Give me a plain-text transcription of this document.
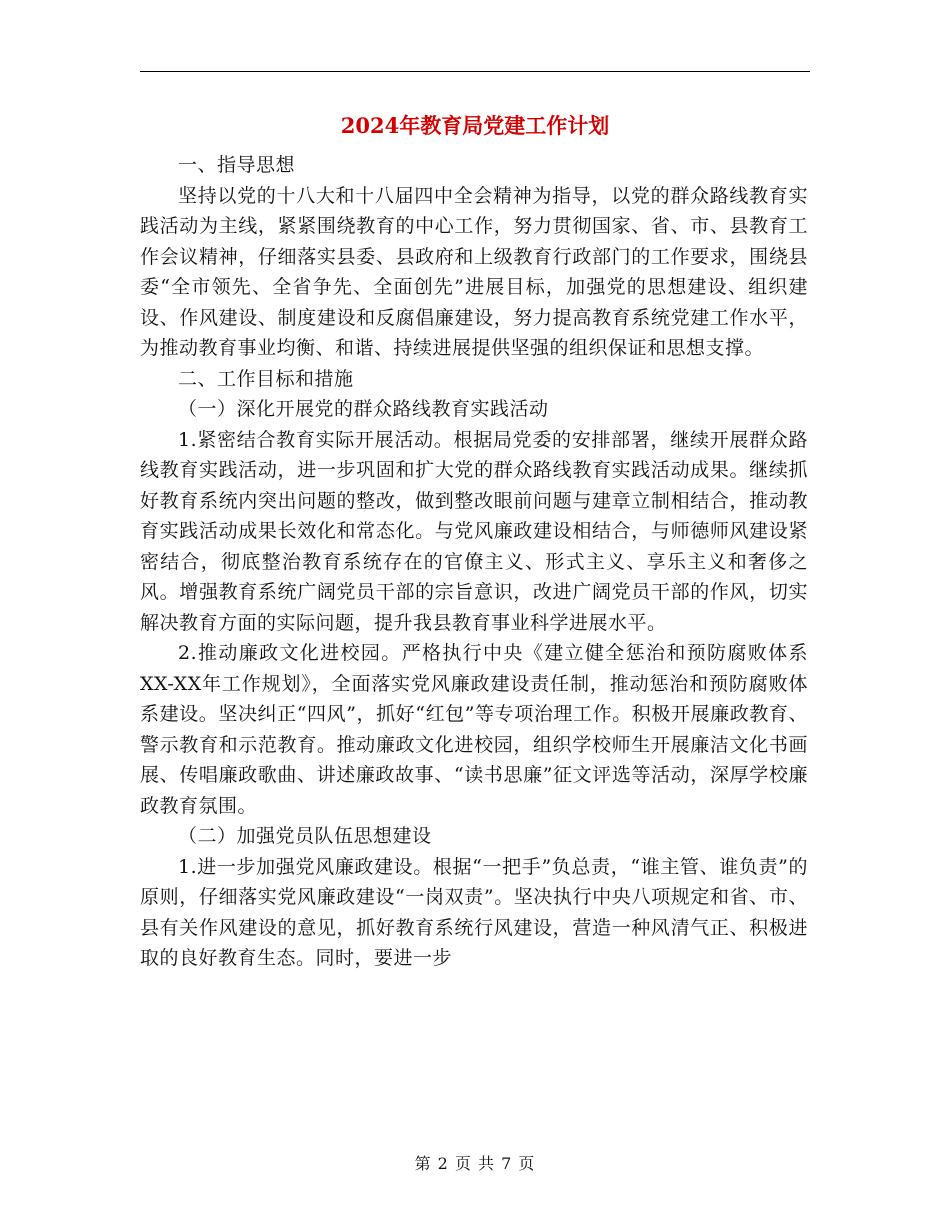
2024年教育局党建工作计划

一、指导思想

坚持以党的十八大和十八届四中全会精神为指导，以党的群众路线教育实践活动为主线，紧紧围绕教育的中心工作，努力贯彻国家、省、市、县教育工作会议精神，仔细落实县委、县政府和上级教育行政部门的工作要求，围绕县委“全市领先、全省争先、全面创先”进展目标，加强党的思想建设、组织建设、作风建设、制度建设和反腐倡廉建设，努力提高教育系统党建工作水平，为推动教育事业均衡、和谐、持续进展提供坚强的组织保证和思想支撑。

二、工作目标和措施

（一）深化开展党的群众路线教育实践活动

1.紧密结合教育实际开展活动。根据局党委的安排部署，继续开展群众路线教育实践活动，进一步巩固和扩大党的群众路线教育实践活动成果。继续抓好教育系统内突出问题的整改，做到整改眼前问题与建章立制相结合，推动教育实践活动成果长效化和常态化。与党风廉政建设相结合，与师德师风建设紧密结合，彻底整治教育系统存在的官僚主义、形式主义、享乐主义和奢侈之风。增强教育系统广阔党员干部的宗旨意识，改进广阔党员干部的作风，切实解决教育方面的实际问题，提升我县教育事业科学进展水平。

2.推动廉政文化进校园。严格执行中央《建立健全惩治和预防腐败体系XX-XX年工作规划》，全面落实党风廉政建设责任制，推动惩治和预防腐败体系建设。坚决纠正“四风”，抓好“红包”等专项治理工作。积极开展廉政教育、警示教育和示范教育。推动廉政文化进校园，组织学校师生开展廉洁文化书画展、传唱廉政歌曲、讲述廉政故事、“读书思廉”征文评选等活动，深厚学校廉政教育氛围。

（二）加强党员队伍思想建设

1.进一步加强党风廉政建设。根据“一把手”负总责，“谁主管、谁负责”的原则，仔细落实党风廉政建设“一岗双责”。坚决执行中央八项规定和省、市、县有关作风建设的意见，抓好教育系统行风建设，营造一种风清气正、积极进取的良好教育生态。同时，要进一步

第 2 页 共 7 页
